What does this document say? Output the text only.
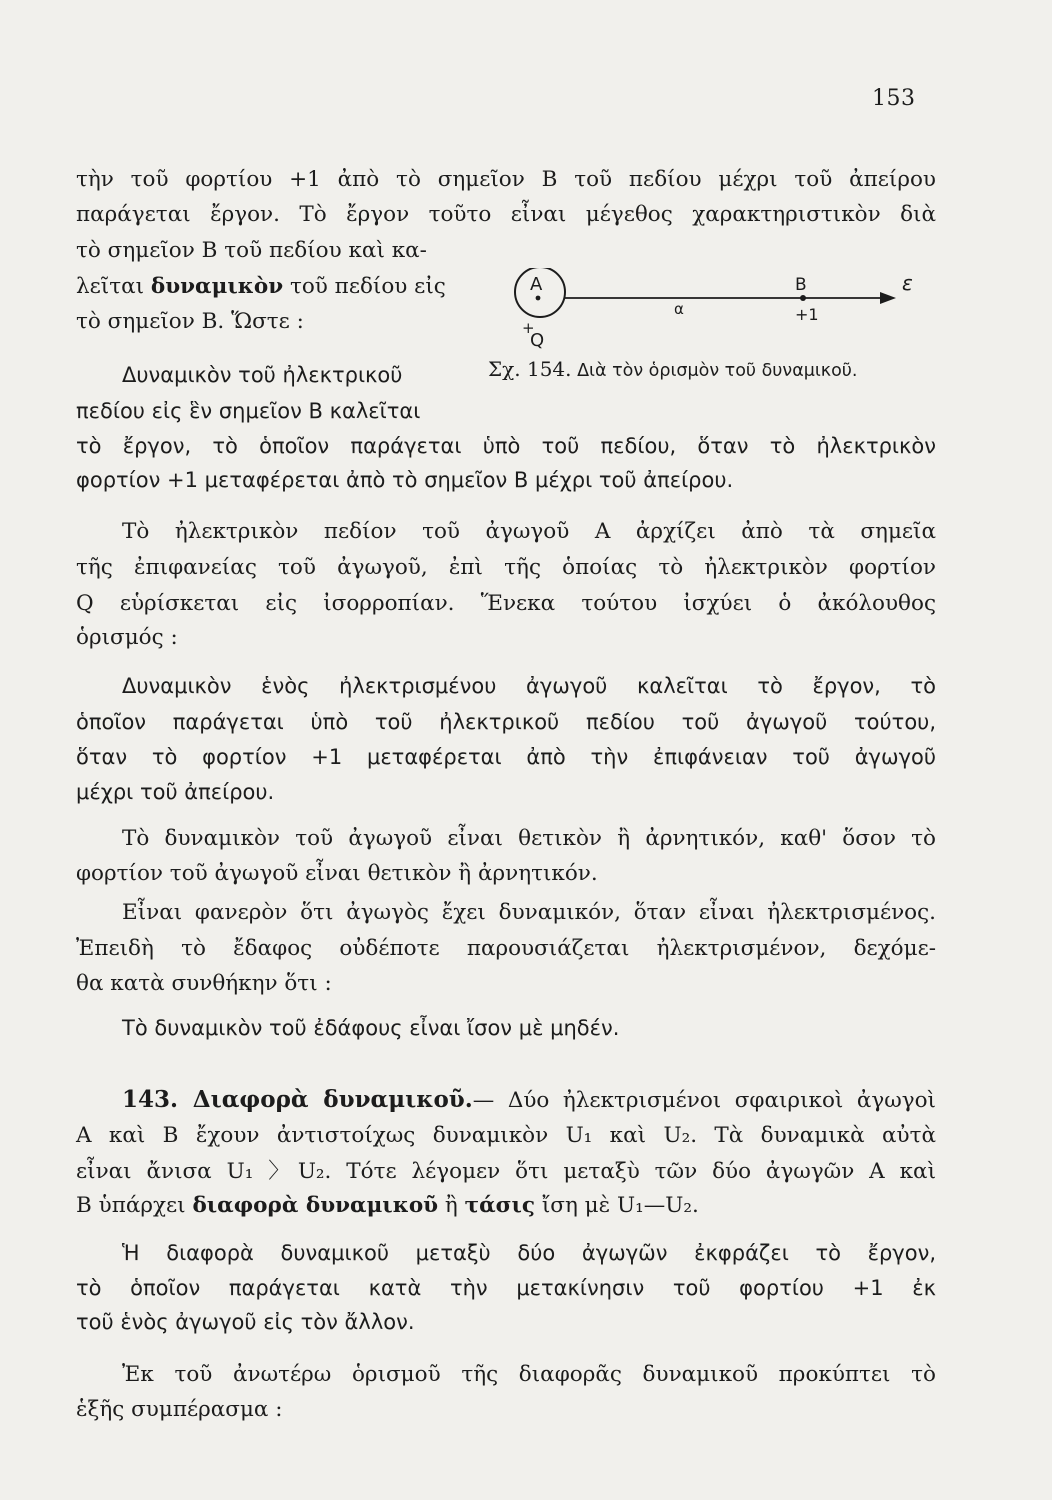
153
τὴν τοῦ φορτίου +1 ἀπὸ τὸ σημεῖον Β τοῦ πεδίου μέχρι τοῦ ἀπείρου
παράγεται ἔργον. Τὸ ἔργον τοῦτο εἶναι μέγεθος χαρακτηριστικὸν διὰ
τὸ σημεῖον Β τοῦ πεδίου καὶ κα-
λεῖται δυναμικὸν τοῦ πεδίου εἰς
τὸ σημεῖον Β. Ὥστε :
Α
+
Q
α
Β
+1
ε
Σχ. 154. Διὰ τὸν ὁρισμὸν τοῦ δυναμικοῦ.
Δυναμικὸν τοῦ ἠλεκτρικοῦ
πεδίου εἰς ἓν σημεῖον Β καλεῖται
τὸ ἔργον, τὸ ὁποῖον παράγεται ὑπὸ τοῦ πεδίου, ὅταν τὸ ἠλεκτρικὸν
φορτίον +1 μεταφέρεται ἀπὸ τὸ σημεῖον Β μέχρι τοῦ ἀπείρου.
Τὸ ἠλεκτρικὸν πεδίον τοῦ ἀγωγοῦ Α ἀρχίζει ἀπὸ τὰ σημεῖα
τῆς ἐπιφανείας τοῦ ἀγωγοῦ, ἐπὶ τῆς ὁποίας τὸ ἠλεκτρικὸν φορτίον
Q εὑρίσκεται εἰς ἰσορροπίαν. Ἕνεκα τούτου ἰσχύει ὁ ἀκόλουθος
ὁρισμός :
Δυναμικὸν ἑνὸς ἠλεκτρισμένου ἀγωγοῦ καλεῖται τὸ ἔργον, τὸ
ὁποῖον παράγεται ὑπὸ τοῦ ἠλεκτρικοῦ πεδίου τοῦ ἀγωγοῦ τούτου,
ὅταν τὸ φορτίον +1 μεταφέρεται ἀπὸ τὴν ἐπιφάνειαν τοῦ ἀγωγοῦ
μέχρι τοῦ ἀπείρου.
Τὸ δυναμικὸν τοῦ ἀγωγοῦ εἶναι θετικὸν ἢ ἀρνητικόν, καθ' ὅσον τὸ
φορτίον τοῦ ἀγωγοῦ εἶναι θετικὸν ἢ ἀρνητικόν.
Εἶναι φανερὸν ὅτι ἀγωγὸς ἔχει δυναμικόν, ὅταν εἶναι ἠλεκτρισμένος.
Ἐπειδὴ τὸ ἔδαφος οὐδέποτε παρουσιάζεται ἠλεκτρισμένον, δεχόμε-
θα κατὰ συνθήκην ὅτι :
Τὸ δυναμικὸν τοῦ ἐδάφους εἶναι ἴσον μὲ μηδέν.
143. Διαφορὰ δυναμικοῦ.— Δύο ἠλεκτρισμένοι σφαιρικοὶ ἀγωγοὶ
Α καὶ Β ἔχουν ἀντιστοίχως δυναμικὸν U₁ καὶ U₂. Τὰ δυναμικὰ αὐτὰ
εἶναι ἄνισα U₁ 〉U₂. Τότε λέγομεν ὅτι μεταξὺ τῶν δύο ἀγωγῶν Α καὶ
Β ὑπάρχει διαφορὰ δυναμικοῦ ἢ τάσις ἴση μὲ U₁—U₂.
Ἡ διαφορὰ δυναμικοῦ μεταξὺ δύο ἀγωγῶν ἐκφράζει τὸ ἔργον,
τὸ ὁποῖον παράγεται κατὰ τὴν μετακίνησιν τοῦ φορτίου +1 ἐκ
τοῦ ἑνὸς ἀγωγοῦ εἰς τὸν ἄλλον.
Ἐκ τοῦ ἀνωτέρω ὁρισμοῦ τῆς διαφορᾶς δυναμικοῦ προκύπτει τὸ
ἑξῆς συμπέρασμα :
